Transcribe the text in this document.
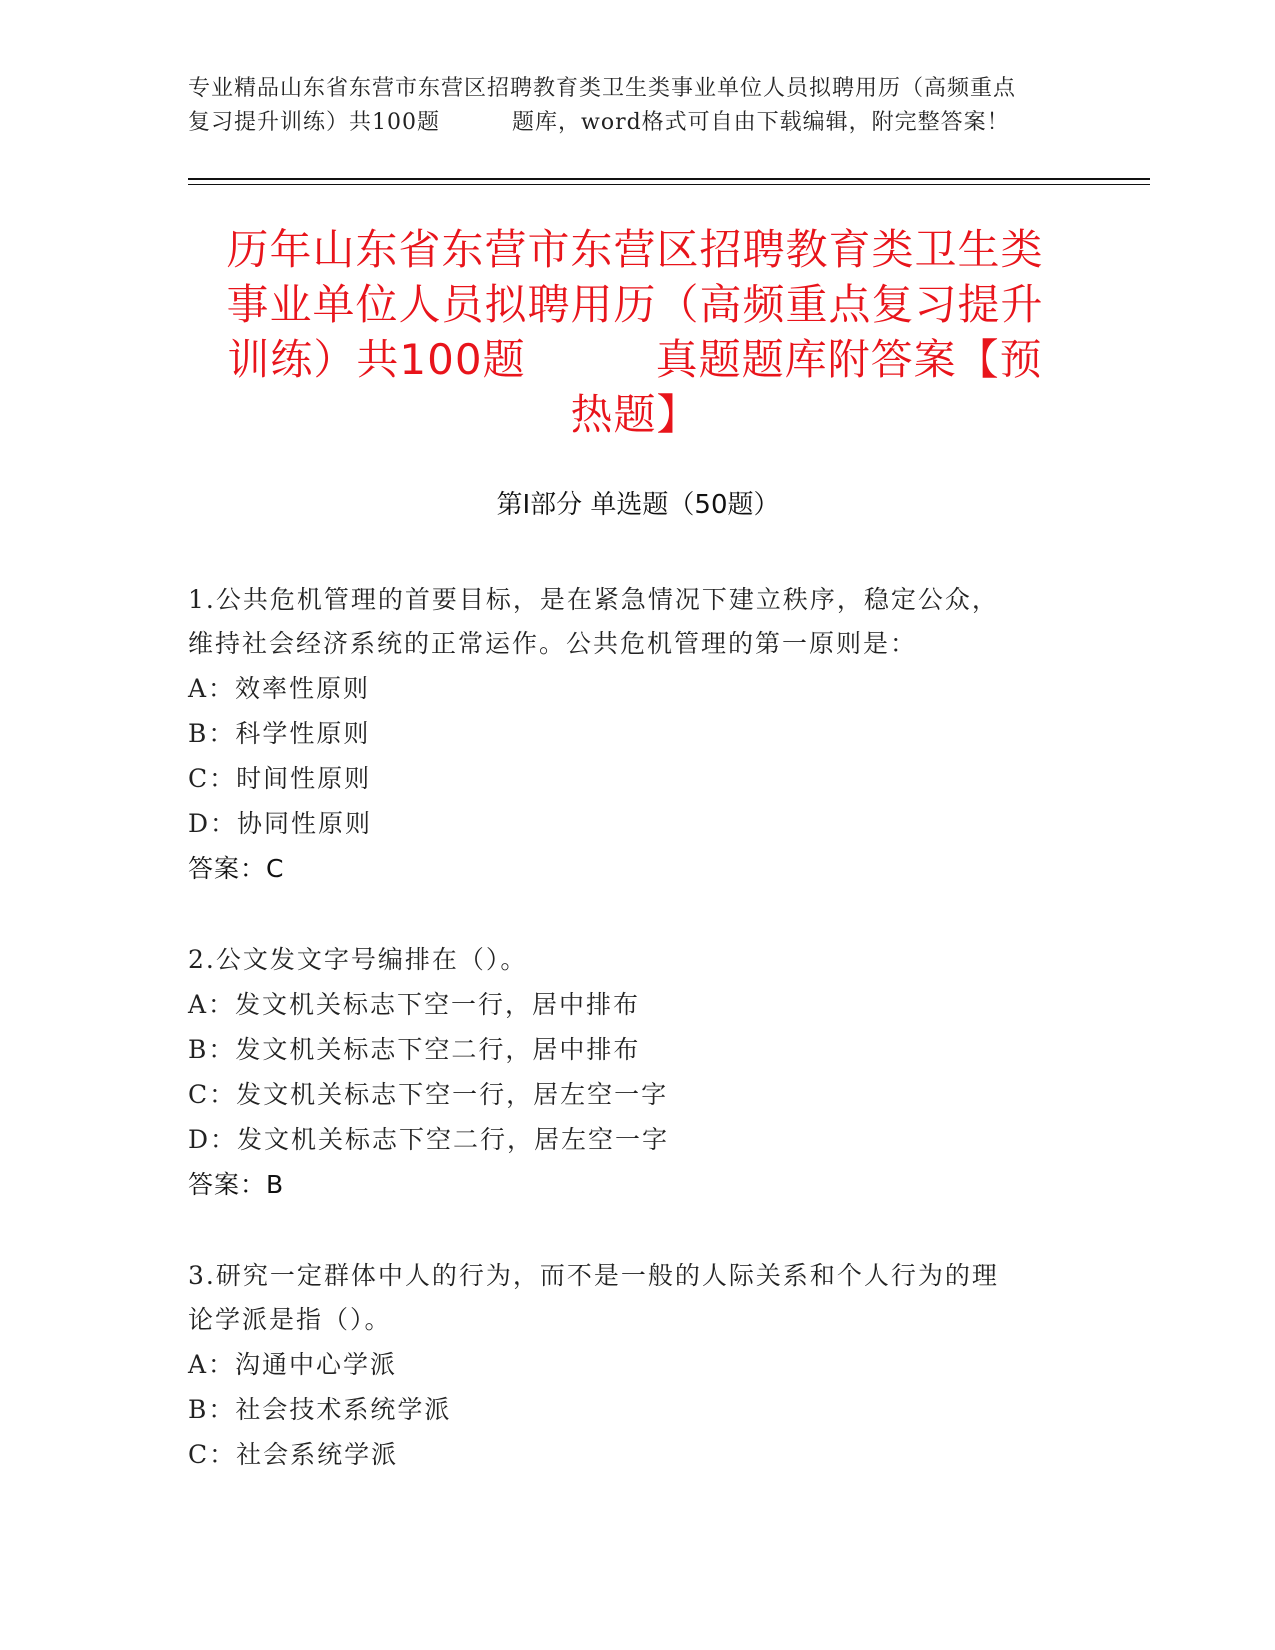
专业精品山东省东营市东营区招聘教育类卫生类事业单位人员拟聘用历（高频重点
复习提升训练）共100题	题库，word格式可自由下载编辑，附完整答案！
历年山东省东营市东营区招聘教育类卫生类
事业单位人员拟聘用历（高频重点复习提升
训练）共100题	真题题库附答案【预
热题】
第Ⅰ部分 单选题（50题）

1.公共危机管理的首要目标，是在紧急情况下建立秩序，稳定公众，

维持社会经济系统的正常运作。公共危机管理的第一原则是：

A：效率性原则

B：科学性原则

C：时间性原则

D：协同性原则

答案：C

2.公文发文字号编排在（）。

A：发文机关标志下空一行，居中排布

B：发文机关标志下空二行，居中排布

C：发文机关标志下空一行，居左空一字

D：发文机关标志下空二行，居左空一字

答案：B

3.研究一定群体中人的行为，而不是一般的人际关系和个人行为的理

论学派是指（）。

A：沟通中心学派

B：社会技术系统学派

C：社会系统学派
